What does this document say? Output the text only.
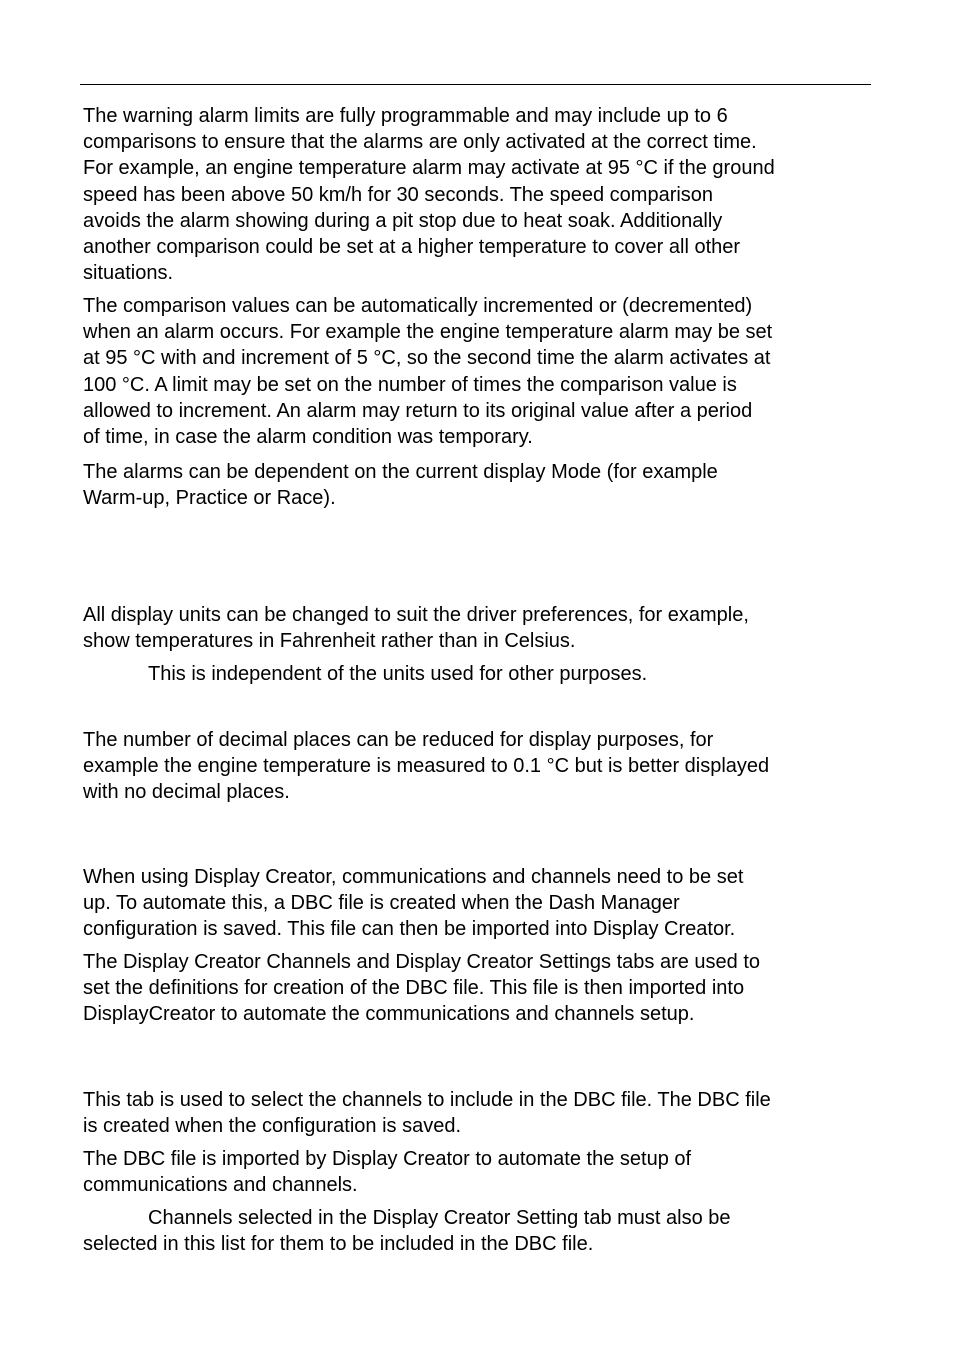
The warning alarm limits are fully programmable and may include up to 6
comparisons to ensure that the alarms are only activated at the correct time.
For example, an engine temperature alarm may activate at 95 °C if the ground
speed has been above 50 km/h for 30 seconds. The speed comparison
avoids the alarm showing during a pit stop due to heat soak. Additionally
another comparison could be set at a higher temperature to cover all other
situations.

The comparison values can be automatically incremented or (decremented)
when an alarm occurs. For example the engine temperature alarm may be set
at 95 °C with and increment of 5 °C, so the second time the alarm activates at
100 °C. A limit may be set on the number of times the comparison value is
allowed to increment. An alarm may return to its original value after a period
of time, in case the alarm condition was temporary.

The alarms can be dependent on the current display Mode (for example
Warm-up, Practice or Race).

All display units can be changed to suit the driver preferences, for example,
show temperatures in Fahrenheit rather than in Celsius.

This is independent of the units used for other purposes.

The number of decimal places can be reduced for display purposes, for
example the engine temperature is measured to 0.1 °C but is better displayed
with no decimal places.

When using Display Creator, communications and channels need to be set
up. To automate this, a DBC file is created when the Dash Manager
configuration is saved. This file can then be imported into Display Creator.

The Display Creator Channels and Display Creator Settings tabs are used to
set the definitions for creation of the DBC file. This file is then imported into
DisplayCreator to automate the communications and channels setup.

This tab is used to select the channels to include in the DBC file. The DBC file
is created when the configuration is saved.

The DBC file is imported by Display Creator to automate the setup of
communications and channels.

Channels selected in the Display Creator Setting tab must also be
selected in this list for them to be included in the DBC file.
